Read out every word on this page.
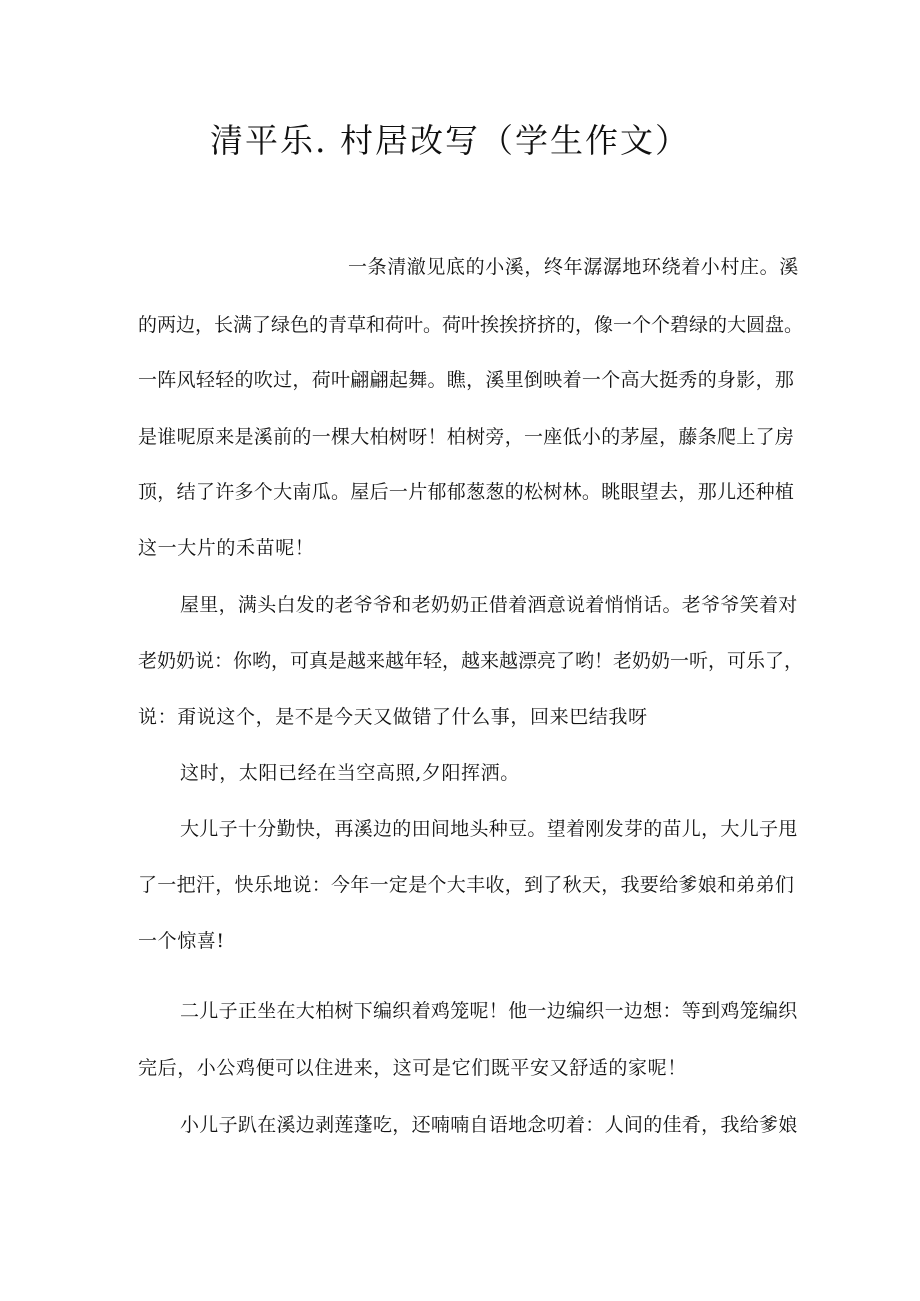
清平乐. 村居改写（学生作文）
一条清澈见底的小溪，终年潺潺地环绕着小村庄。溪
的两边，长满了绿色的青草和荷叶。荷叶挨挨挤挤的，像一个个碧绿的大圆盘。
一阵风轻轻的吹过，荷叶翩翩起舞。瞧，溪里倒映着一个高大挺秀的身影，那
是谁呢原来是溪前的一棵大柏树呀！柏树旁，一座低小的茅屋，藤条爬上了房
顶，结了许多个大南瓜。屋后一片郁郁葱葱的松树林。眺眼望去，那儿还种植
这一大片的禾苗呢！
屋里，满头白发的老爷爷和老奶奶正借着酒意说着悄悄话。老爷爷笑着对
老奶奶说：你哟，可真是越来越年轻，越来越漂亮了哟！老奶奶一听，可乐了，
说：甭说这个，是不是今天又做错了什么事，回来巴结我呀
这时，太阳已经在当空高照,夕阳挥洒。
大儿子十分勤快，再溪边的田间地头种豆。望着刚发芽的苗儿，大儿子甩
了一把汗，快乐地说：今年一定是个大丰收，到了秋天，我要给爹娘和弟弟们
一个惊喜!
二儿子正坐在大柏树下编织着鸡笼呢！他一边编织一边想：等到鸡笼编织
完后，小公鸡便可以住进来，这可是它们既平安又舒适的家呢！
小儿子趴在溪边剥莲蓬吃，还喃喃自语地念叨着：人间的佳肴，我给爹娘
